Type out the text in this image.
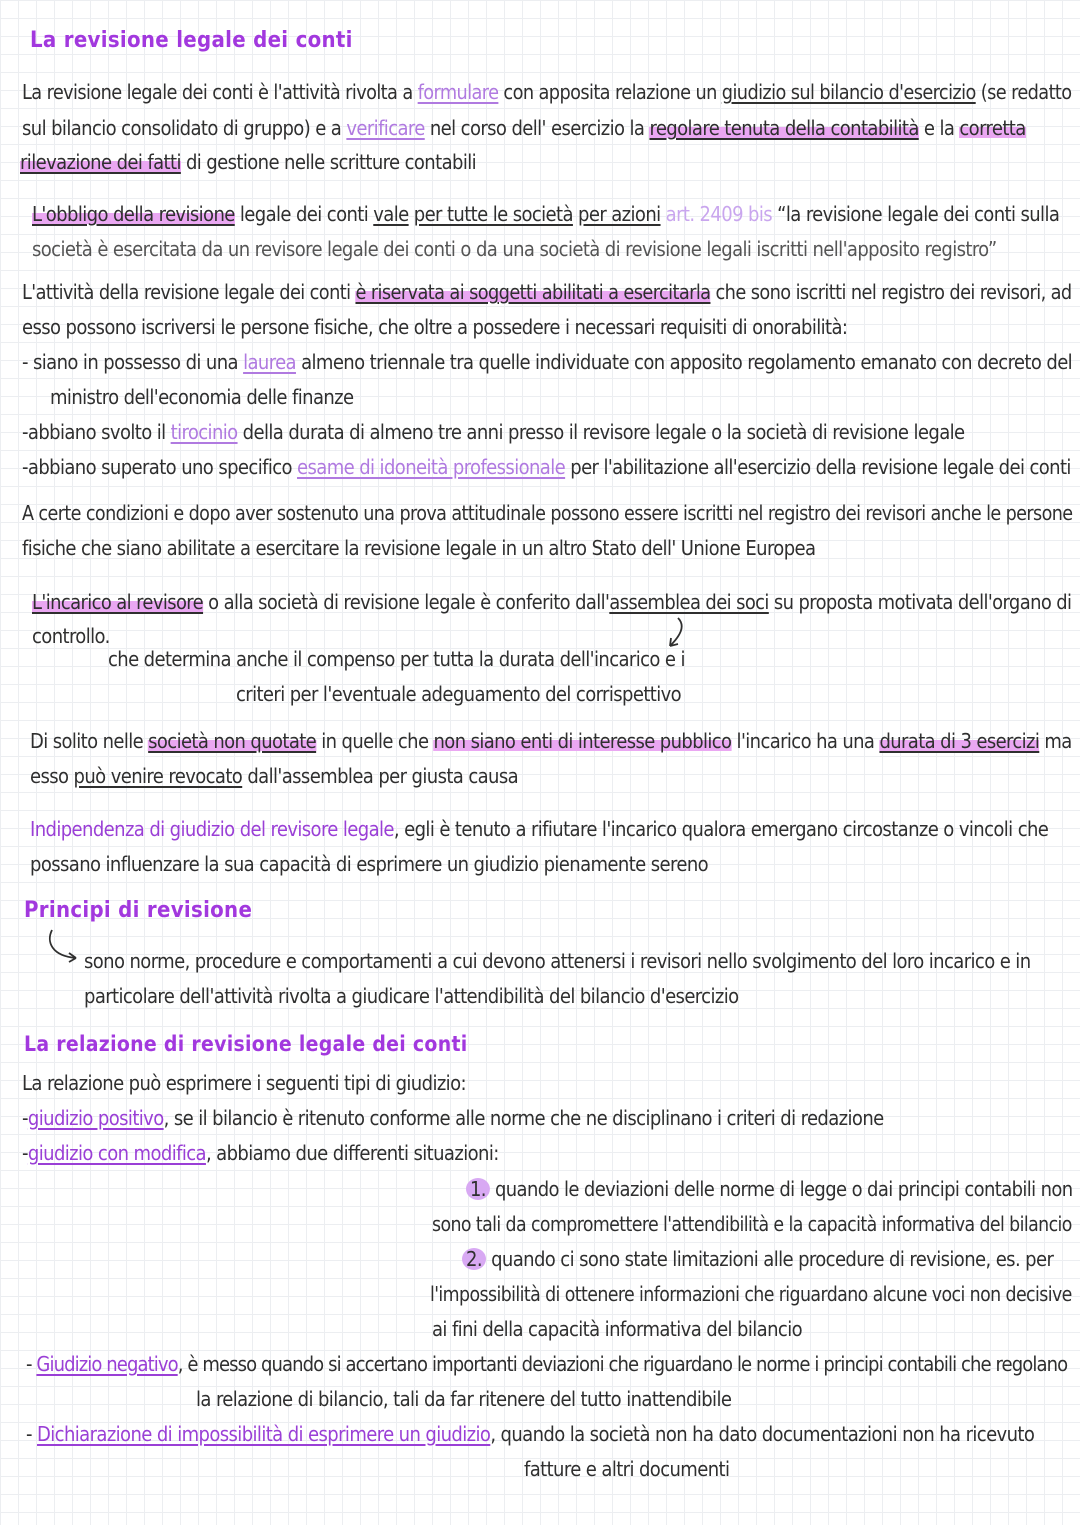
La revisione legale dei conti
La revisione legale dei conti è l'attività rivolta a formulare con apposita relazione un giudizio sul bilancio d'esercizio (se redatto
sul bilancio consolidato di gruppo) e a verificare nel corso dell' esercizio la regolare tenuta della contabilità e la corretta
rilevazione dei fatti di gestione nelle scritture contabili
L'obbligo della revisione legale dei conti vale per tutte le società per azioni art. 2409 bis “la revisione legale dei conti sulla
società è esercitata da un revisore legale dei conti o da una società di revisione legali iscritti nell'apposito registro”
L'attività della revisione legale dei conti è riservata ai soggetti abilitati a esercitarla che sono iscritti nel registro dei revisori, ad
esso possono iscriversi le persone fisiche, che oltre a possedere i necessari requisiti di onorabilità:
- siano in possesso di una laurea almeno triennale tra quelle individuate con apposito regolamento emanato con decreto del
ministro dell'economia delle finanze
-abbiano svolto il tirocinio della durata di almeno tre anni presso il revisore legale o la società di revisione legale
-abbiano superato uno specifico esame di idoneità professionale per l'abilitazione all'esercizio della revisione legale dei conti
A certe condizioni e dopo aver sostenuto una prova attitudinale possono essere iscritti nel registro dei revisori anche le persone
fisiche che siano abilitate a esercitare la revisione legale in un altro Stato dell' Unione Europea
L'incarico al revisore o alla società di revisione legale è conferito dall'assemblea dei soci su proposta motivata dell'organo di
controllo.
che determina anche il compenso per tutta la durata dell'incarico e i
criteri per l'eventuale adeguamento del corrispettivo
Di solito nelle società non quotate in quelle che non siano enti di interesse pubblico l'incarico ha una durata di 3 esercizi ma
esso può venire revocato dall'assemblea per giusta causa
Indipendenza di giudizio del revisore legale, egli è tenuto a rifiutare l'incarico qualora emergano circostanze o vincoli che
possano influenzare la sua capacità di esprimere un giudizio pienamente sereno
Principi di revisione
sono norme, procedure e comportamenti a cui devono attenersi i revisori nello svolgimento del loro incarico e in
particolare dell'attività rivolta a giudicare l'attendibilità del bilancio d'esercizio
La relazione di revisione legale dei conti
La relazione può esprimere i seguenti tipi di giudizio:
-giudizio positivo, se il bilancio è ritenuto conforme alle norme che ne disciplinano i criteri di redazione
-giudizio con modifica, abbiamo due differenti situazioni:
1. quando le deviazioni delle norme di legge o dai principi contabili non
sono tali da compromettere l'attendibilità e la capacità informativa del bilancio
2. quando ci sono state limitazioni alle procedure di revisione, es. per
l'impossibilità di ottenere informazioni che riguardano alcune voci non decisive
ai fini della capacità informativa del bilancio
- Giudizio negativo, è messo quando si accertano importanti deviazioni che riguardano le norme i principi contabili che regolano
la relazione di bilancio, tali da far ritenere del tutto inattendibile
- Dichiarazione di impossibilità di esprimere un giudizio, quando la società non ha dato documentazioni non ha ricevuto
fatture e altri documenti
